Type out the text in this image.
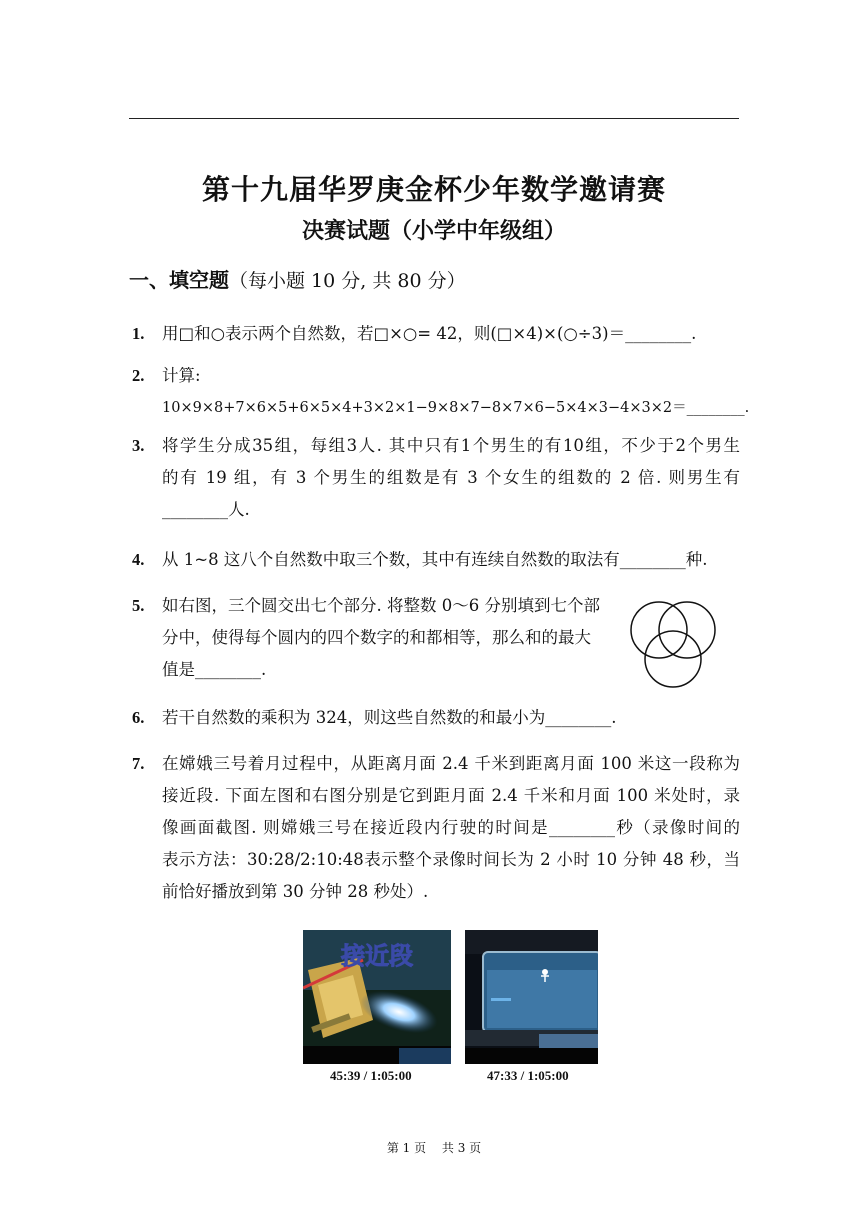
第十九届华罗庚金杯少年数学邀请赛
决赛试题（小学中年级组）
一、填空题（每小题 10 分, 共 80 分）
1. 用□和○表示两个自然数，若□×○= 42，则(□×4)×(○÷3)＝________.
2. 计算:
10×9×8+7×6×5+6×5×4+3×2×1−9×8×7−8×7×6−5×4×3−4×3×2＝________.
3. 将学生分成35组，每组3人. 其中只有1个男生的有10组，不少于2个男生
的有 19 组，有 3 个男生的组数是有 3 个女生的组数的 2 倍. 则男生有
________人.
4. 从 1~8 这八个自然数中取三个数，其中有连续自然数的取法有________种.
5. 如右图，三个圆交出七个部分. 将整数 0～6 分别填到七个部
分中，使得每个圆内的四个数字的和都相等，那么和的最大
值是________.
6. 若干自然数的乘积为 324，则这些自然数的和最小为________.
7. 在嫦娥三号着月过程中，从距离月面 2.4 千米到距离月面 100 米这一段称为
接近段. 下面左图和右图分别是它到距月面 2.4 千米和月面 100 米处时，录
像画面截图. 则嫦娥三号在接近段内行驶的时间是________秒（录像时间的
表示方法：30:28/2:10:48表示整个录像时间长为 2 小时 10 分钟 48 秒，当
前恰好播放到第 30 分钟 28 秒处）.
接近段
45:39 / 1:05:00	47:33 / 1:05:00
第 1 页　 共 3 页
